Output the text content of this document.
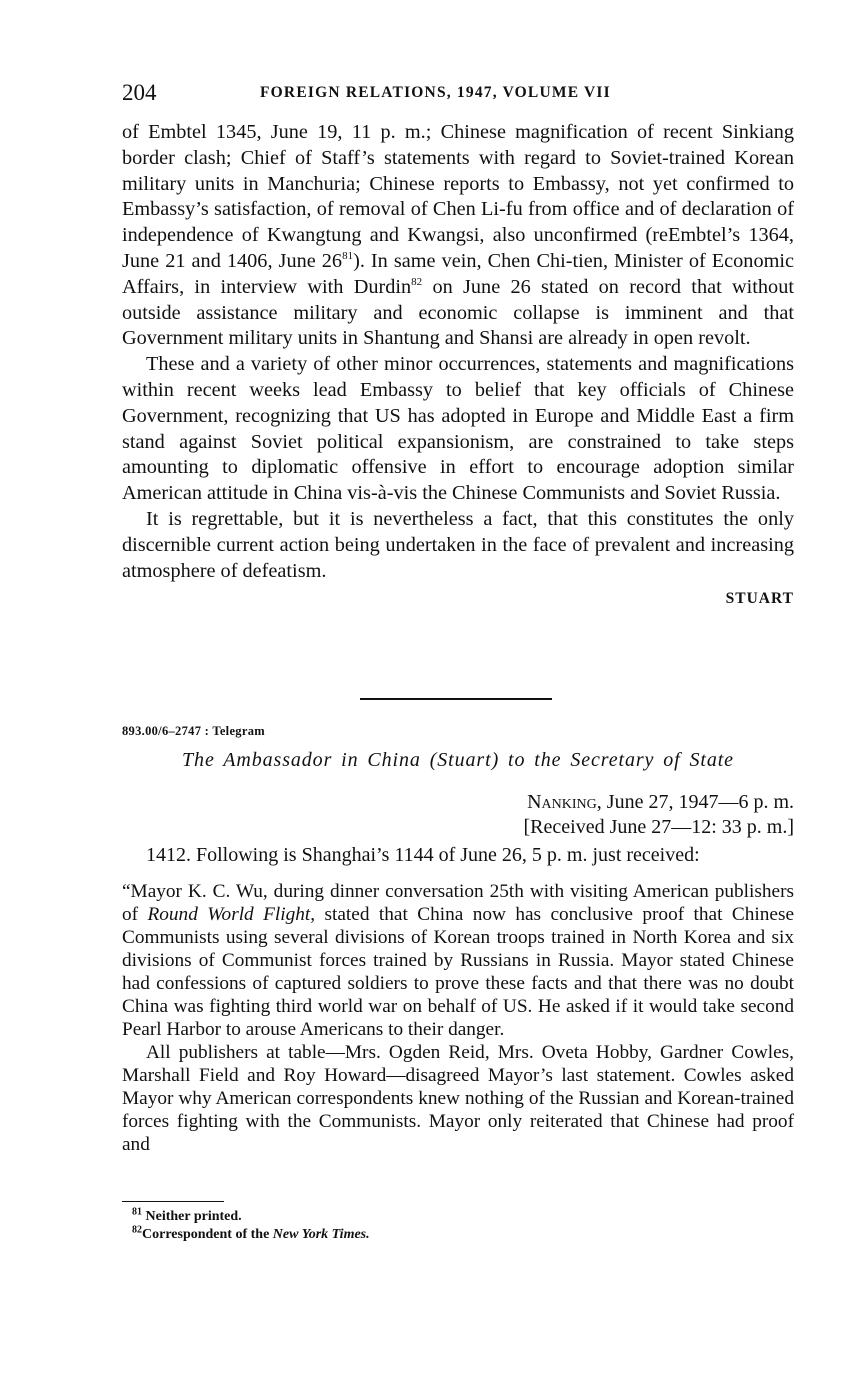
204	FOREIGN RELATIONS, 1947, VOLUME VII

of Embtel 1345, June 19, 11 p. m.; Chinese magnification of recent Sinkiang border clash; Chief of Staff’s statements with regard to Soviet-trained Korean military units in Manchuria; Chinese reports to Embassy, not yet confirmed to Embassy’s satisfaction, of removal of Chen Li-fu from office and of declaration of independence of Kwangtung and Kwangsi, also unconfirmed (reEmbtel’s 1364, June 21 and 1406, June $26^{81}$). In same vein, Chen Chi-tien, Minister of Economic Affairs, in interview with Durdin$^{82}$ on June 26 stated on record that without outside assistance military and economic collapse is imminent and that Government military units in Shantung and Shansi are already in open revolt.

These and a variety of other minor occurrences, statements and magnifications within recent weeks lead Embassy to belief that key officials of Chinese Government, recognizing that US has adopted in Europe and Middle East a firm stand against Soviet political expansionism, are constrained to take steps amounting to diplomatic offensive in effort to encourage adoption similar American attitude in China vis-à-vis the Chinese Communists and Soviet Russia.

It is regrettable, but it is nevertheless a fact, that this constitutes the only discernible current action being undertaken in the face of prevalent and increasing atmosphere of defeatism.

STUART

893.00/6–2747 : Telegram

The Ambassador in China (Stuart) to the Secretary of State

Nanking, June 27, 1947—6 p. m.

[Received June 27—12: 33 p. m.]

1412. Following is Shanghai’s 1144 of June 26, 5 p. m. just received:

“Mayor K. C. Wu, during dinner conversation 25th with visiting American publishers of Round World Flight, stated that China now has conclusive proof that Chinese Communists using several divisions of Korean troops trained in North Korea and six divisions of Communist forces trained by Russians in Russia. Mayor stated Chinese had confessions of captured soldiers to prove these facts and that there was no doubt China was fighting third world war on behalf of US. He asked if it would take second Pearl Harbor to arouse Americans to their danger.

All publishers at table—Mrs. Ogden Reid, Mrs. Oveta Hobby, Gardner Cowles, Marshall Field and Roy Howard—disagreed Mayor’s last statement. Cowles asked Mayor why American correspondents knew nothing of the Russian and Korean-trained forces fighting with the Communists. Mayor only reiterated that Chinese had proof and

$^{81}$ Neither printed.

$^{82}$Correspondent of the New York Times.
